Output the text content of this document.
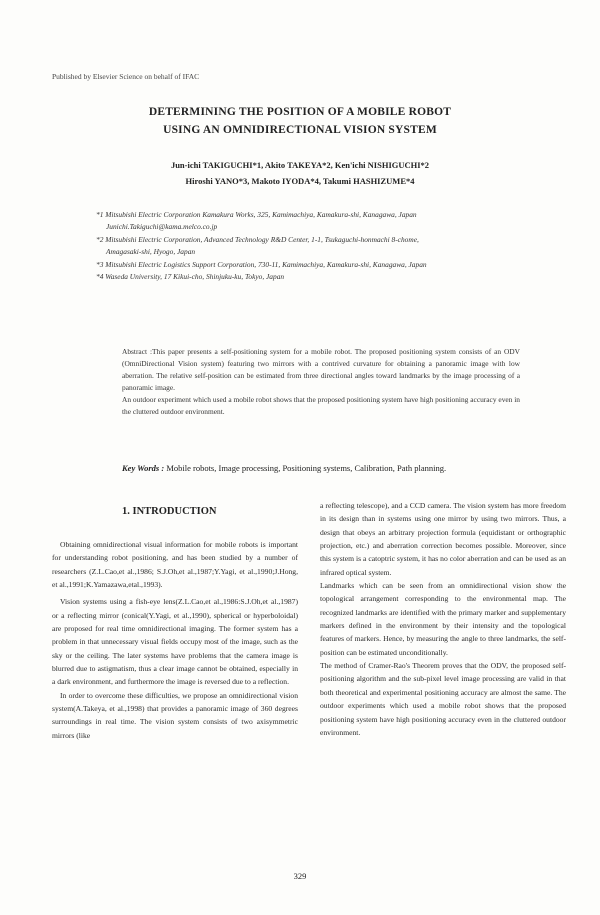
Published by Elsevier Science on behalf of IFAC
DETERMINING THE POSITION OF A MOBILE ROBOT
USING AN OMNIDIRECTIONAL VISION SYSTEM
Jun-ichi TAKIGUCHI*1, Akito TAKEYA*2, Ken'ichi NISHIGUCHI*2
Hiroshi YANO*3, Makoto IYODA*4, Takumi HASHIZUME*4
*1 Mitsubishi Electric Corporation Kamakura Works, 325, Kamimachiya, Kamakura-shi, Kanagawa, Japan
Junichi.Takiguchi@kama.melco.co.jp
*2 Mitsubishi Electric Corporation, Advanced Technology R&D Center, 1-1, Tsukaguchi-honmachi 8-chome,
Amagasaki-shi, Hyogo, Japan
*3 Mitsubishi Electric Logistics Support Corporation, 730-11, Kamimachiya, Kamakura-shi, Kanagawa, Japan
*4 Waseda University, 17 Kikui-cho, Shinjuku-ku, Tokyo, Japan

Abstract :This paper presents a self-positioning system for a mobile robot. The proposed positioning system consists of an ODV (OmniDirectional Vision system) featuring two mirrors with a contrived curvature for obtaining a panoramic image with low aberration. The relative self-position can be estimated from three directional angles toward landmarks by the image processing of a panoramic image.

An outdoor experiment which used a mobile robot shows that the proposed positioning system have high positioning accuracy even in the cluttered outdoor environment.

Key Words : Mobile robots, Image processing, Positioning systems, Calibration, Path planning.
1. INTRODUCTION

Obtaining omnidirectional visual information for mobile robots is important for understanding robot positioning, and has been studied by a number of researchers (Z.L.Cao,et al.,1986; S.J.Oh,et al.,1987;Y.Yagi, et al.,1990;J.Hong, et al.,1991;K.Yamazawa,etal.,1993).

Vision systems using a fish-eye lens(Z.L.Cao,et al.,1986:S.J.Oh,et al.,1987) or a reflecting mirror (conical(Y.Yagi, et al.,1990), spherical or hyperboloidal) are proposed for real time omnidirectional imaging. The former system has a problem in that unnecessary visual fields occupy most of the image, such as the sky or the ceiling. The later systems have problems that the camera image is blurred due to astigmatism, thus a clear image cannot be obtained, especially in a dark environment, and furthermore the image is reversed due to a reflection.

In order to overcome these difficulties, we propose an omnidirectional vision system(A.Takeya, et al.,1998) that provides a panoramic image of 360 degrees surroundings in real time. The vision system consists of two axisymmetric mirrors (like

a reflecting telescope), and a CCD camera. The vision system has more freedom in its design than in systems using one mirror by using two mirrors. Thus, a design that obeys an arbitrary projection formula (equidistant or orthographic projection, etc.) and aberration correction becomes possible. Moreover, since this system is a catoptric system, it has no color aberration and can be used as an infrared optical system.

Landmarks which can be seen from an omnidirectional vision show the topological arrangement corresponding to the environmental map. The recognized landmarks are identified with the primary marker and supplementary markers defined in the environment by their intensity and the topological features of markers. Hence, by measuring the angle to three landmarks, the self-position can be estimated unconditionally.

The method of Cramer-Rao's Theorem proves that the ODV, the proposed self-positioning algorithm and the sub-pixel level image processing are valid in that both theoretical and experimental positioning accuracy are almost the same. The outdoor experiments which used a mobile robot shows that the proposed positioning system have high positioning accuracy even in the cluttered outdoor environment.

329
